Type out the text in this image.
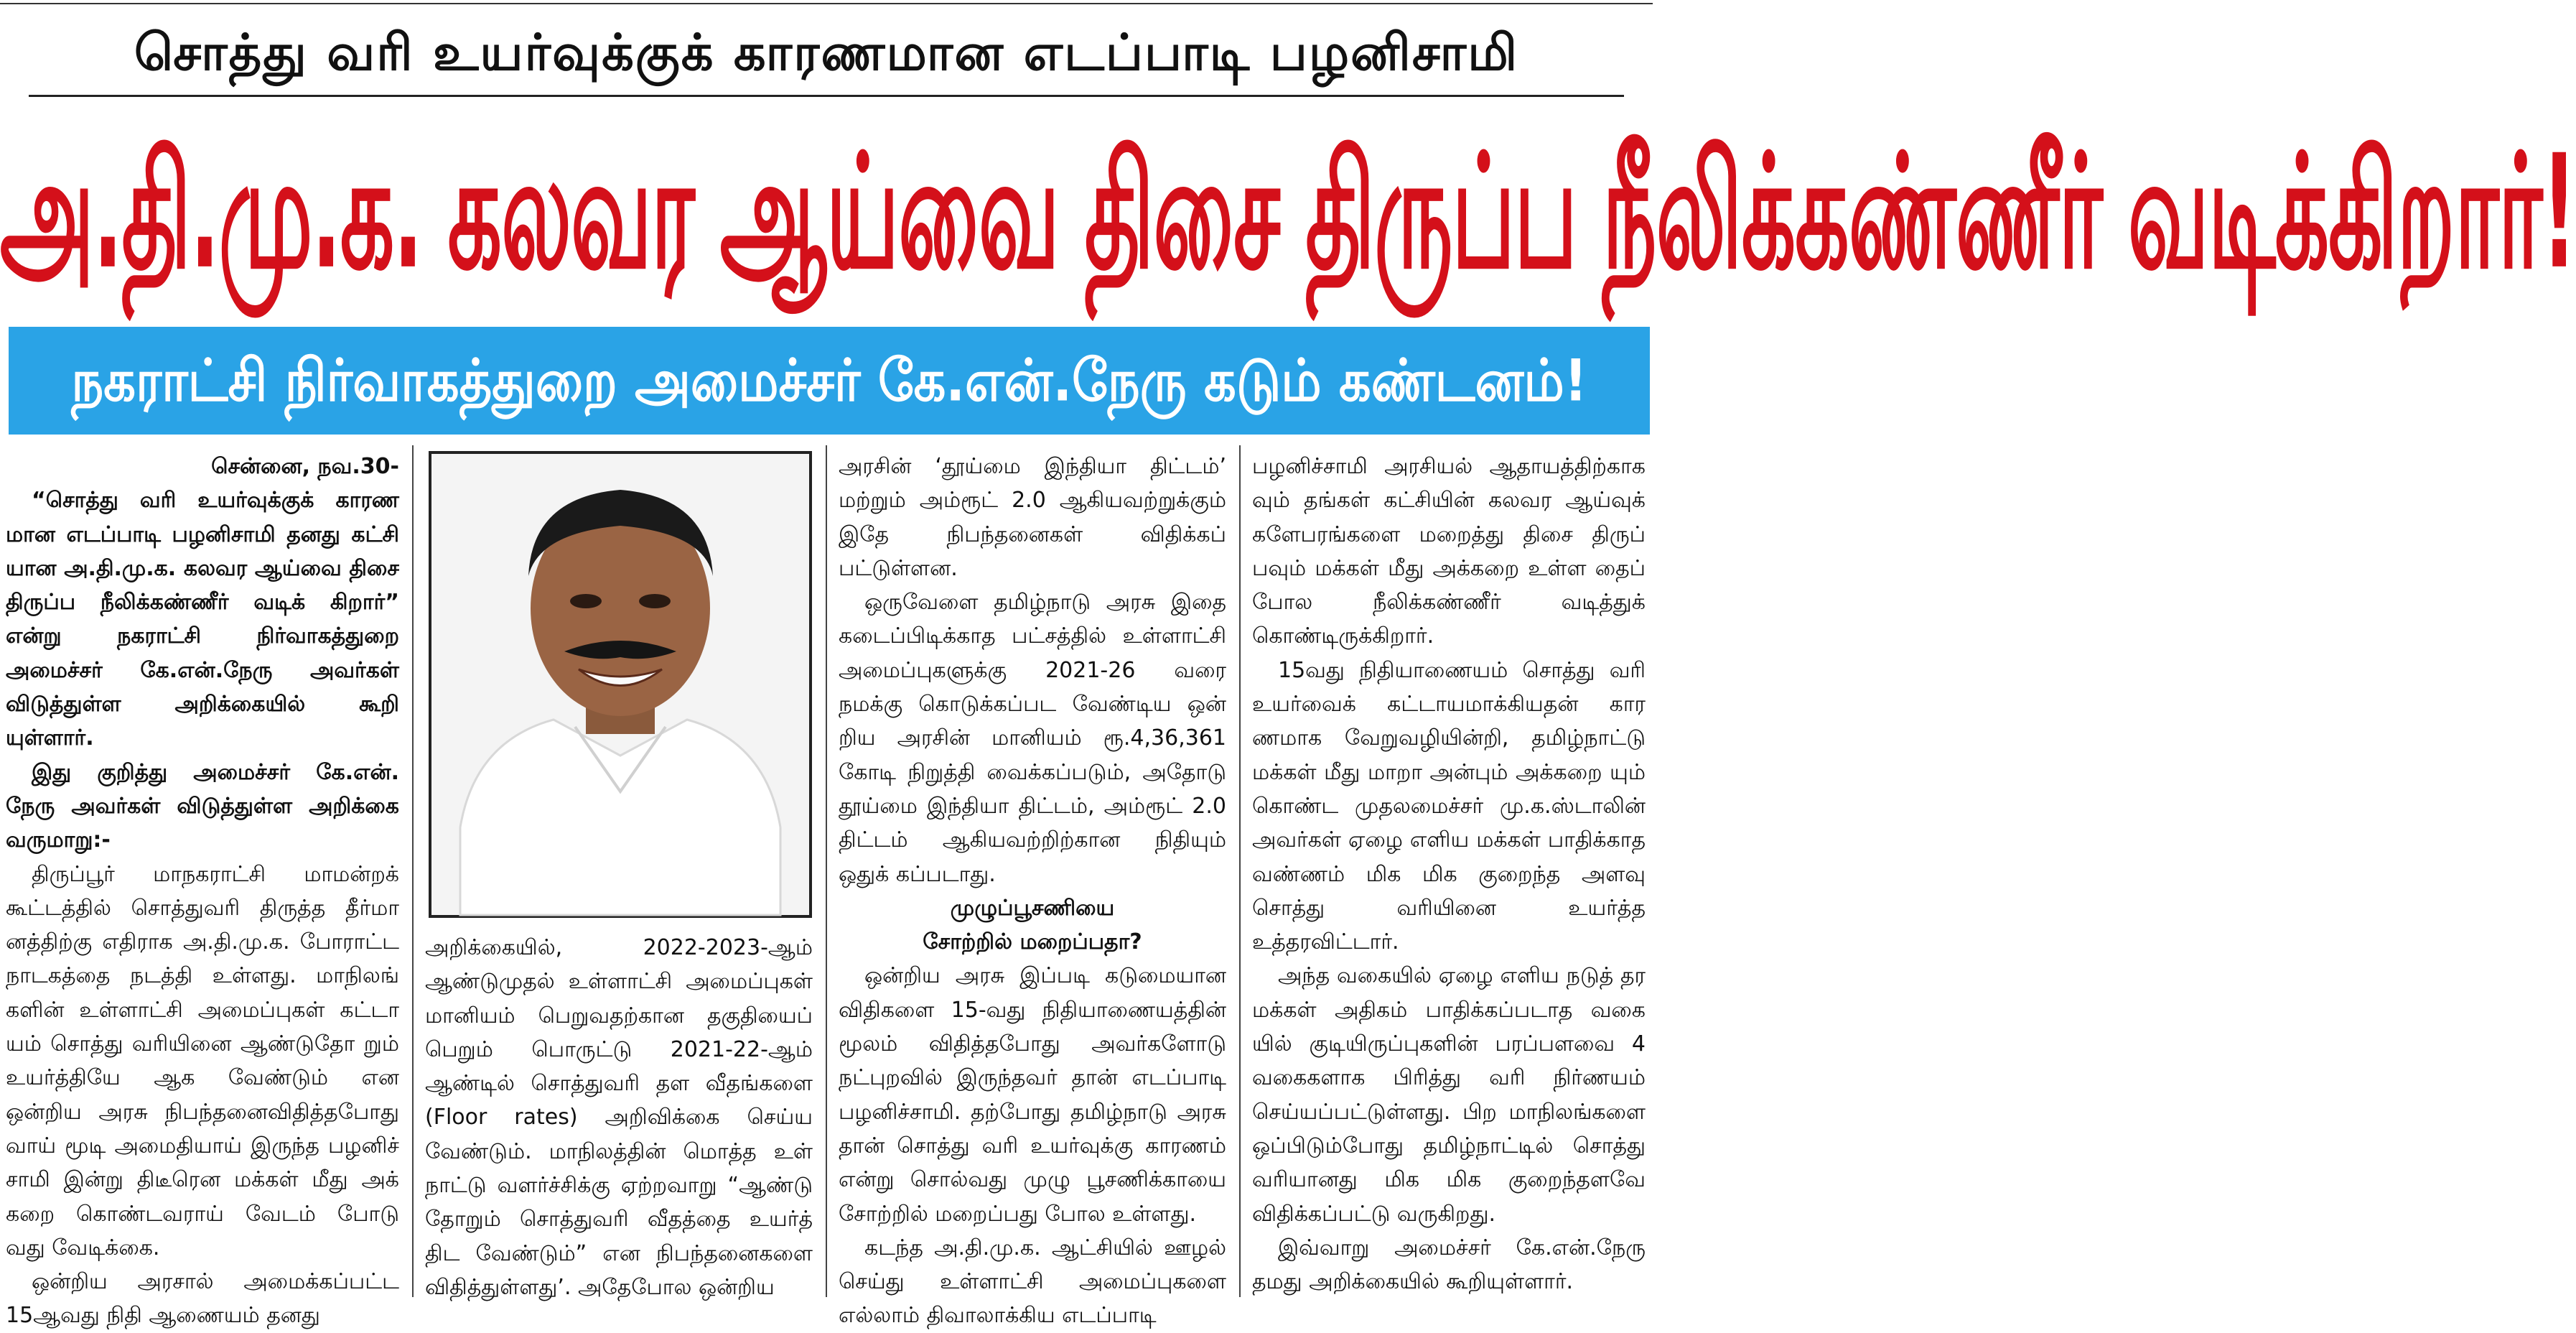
சொத்து வரி உயர்வுக்குக் காரணமான எடப்பாடி பழனிசாமி
அ.தி.மு.க. கலவர ஆய்வை திசை திருப்ப நீலிக்கண்ணீர் வடிக்கிறார்!
நகராட்சி நிர்வாகத்துறை அமைச்சர் கே.என்.நேரு கடும் கண்டனம்!

சென்னை, நவ.30-

“சொத்து வரி உயர்வுக்குக் காரண மான எடப்பாடி பழனிசாமி தனது கட்சி யான அ.தி.மு.க. கலவர ஆய்வை திசை திருப்ப நீலிக்கண்ணீர் வடிக் கிறார்” என்று நகராட்சி நிர்வாகத்துறை அமைச்சர் கே.என்.நேரு அவர்கள் விடுத்துள்ள அறிக்கையில் கூறி யுள்ளார்.

இது குறித்து அமைச்சர் கே.என். நேரு அவர்கள் விடுத்துள்ள அறிக்கை வருமாறு:-

திருப்பூர் மாநகராட்சி மாமன்றக் கூட்டத்தில் சொத்துவரி திருத்த தீர்மா னத்திற்கு எதிராக அ.தி.மு.க. போராட்ட நாடகத்தை நடத்தி உள்ளது. மாநிலங் களின் உள்ளாட்சி அமைப்புகள் கட்டா யம் சொத்து வரியினை ஆண்டுதோ றும் உயர்த்தியே ஆக வேண்டும் என ஒன்றிய அரசு நிபந்தனைவிதித்தபோது வாய் மூடி அமைதியாய் இருந்த பழனிச் சாமி இன்று திடீரென மக்கள் மீது அக் கறை கொண்டவராய் வேடம் போடு வது வேடிக்கை.

ஒன்றிய அரசால் அமைக்கப்பட்ட 15ஆவது நிதி ஆணையம் தனது

அறிக்கையில், 2022-2023-ஆம் ஆண்டுமுதல் உள்ளாட்சி அமைப்புகள் மானியம் பெறுவதற்கான தகுதியைப் பெறும் பொருட்டு 2021-22-ஆம் ஆண்டில் சொத்துவரி தள வீதங்களை (Floor rates) அறிவிக்கை செய்ய வேண்டும். மாநிலத்தின் மொத்த உள் நாட்டு வளர்ச்சிக்கு ஏற்றவாறு “ஆண்டு தோறும் சொத்துவரி வீதத்தை உயர்த் திட வேண்டும்” என நிபந்தனைகளை விதித்துள்ளது’. அதேபோல ஒன்றிய

அரசின் ‘தூய்மை இந்தியா திட்டம்’ மற்றும் அம்ரூட் 2.0 ஆகியவற்றுக்கும் இதே நிபந்தனைகள் விதிக்கப் பட்டுள்ளன.

ஒருவேளை தமிழ்நாடு அரசு இதை கடைப்பிடிக்காத பட்சத்தில் உள்ளாட்சி அமைப்புகளுக்கு 2021-26 வரை நமக்கு கொடுக்கப்பட வேண்டிய ஒன் றிய அரசின் மானியம் ரூ.4,36,361 கோடி நிறுத்தி வைக்கப்படும், அதோடு தூய்மை இந்தியா திட்டம், அம்ரூட் 2.0 திட்டம் ஆகியவற்றிற்கான நிதியும் ஒதுக் கப்படாது.

முழுப்பூசணியை

சோற்றில் மறைப்பதா?

ஒன்றிய அரசு இப்படி கடுமையான விதிகளை 15-வது நிதியாணையத்தின் மூலம் விதித்தபோது அவர்களோடு நட்புறவில் இருந்தவர் தான் எடப்பாடி பழனிச்சாமி. தற்போது தமிழ்நாடு அரசு தான் சொத்து வரி உயர்வுக்கு காரணம் என்று சொல்வது முழு பூசணிக்காயை சோற்றில் மறைப்பது போல உள்ளது.

கடந்த அ.தி.மு.க. ஆட்சியில் ஊழல் செய்து உள்ளாட்சி அமைப்புகளை எல்லாம் திவாலாக்கிய எடப்பாடி

பழனிச்சாமி அரசியல் ஆதாயத்திற்காக வும் தங்கள் கட்சியின் கலவர ஆய்வுக் களேபரங்களை மறைத்து திசை திருப் பவும் மக்கள் மீது அக்கறை உள்ள தைப் போல நீலிக்கண்ணீர் வடித்துக் கொண்டிருக்கிறார்.

15வது நிதியாணையம் சொத்து வரி உயர்வைக் கட்டாயமாக்கியதன் கார ணமாக வேறுவழியின்றி, தமிழ்நாட்டு மக்கள் மீது மாறா அன்பும் அக்கறை யும் கொண்ட முதலமைச்சர் மு.க.ஸ்டாலின் அவர்கள் ஏழை எளிய மக்கள் பாதிக்காத வண்ணம் மிக மிக குறைந்த அளவு சொத்து வரியினை உயர்த்த உத்தரவிட்டார்.

அந்த வகையில் ஏழை எளிய நடுத் தர மக்கள் அதிகம் பாதிக்கப்படாத வகை யில் குடியிருப்புகளின் பரப்பளவை 4 வகைகளாக பிரித்து வரி நிர்ணயம் செய்யப்பட்டுள்ளது. பிற மாநிலங்களை ஒப்பிடும்போது தமிழ்நாட்டில் சொத்து வரியானது மிக மிக குறைந்தளவே விதிக்கப்பட்டு வருகிறது.

இவ்வாறு அமைச்சர் கே.என்.நேரு தமது அறிக்கையில் கூறியுள்ளார்.
